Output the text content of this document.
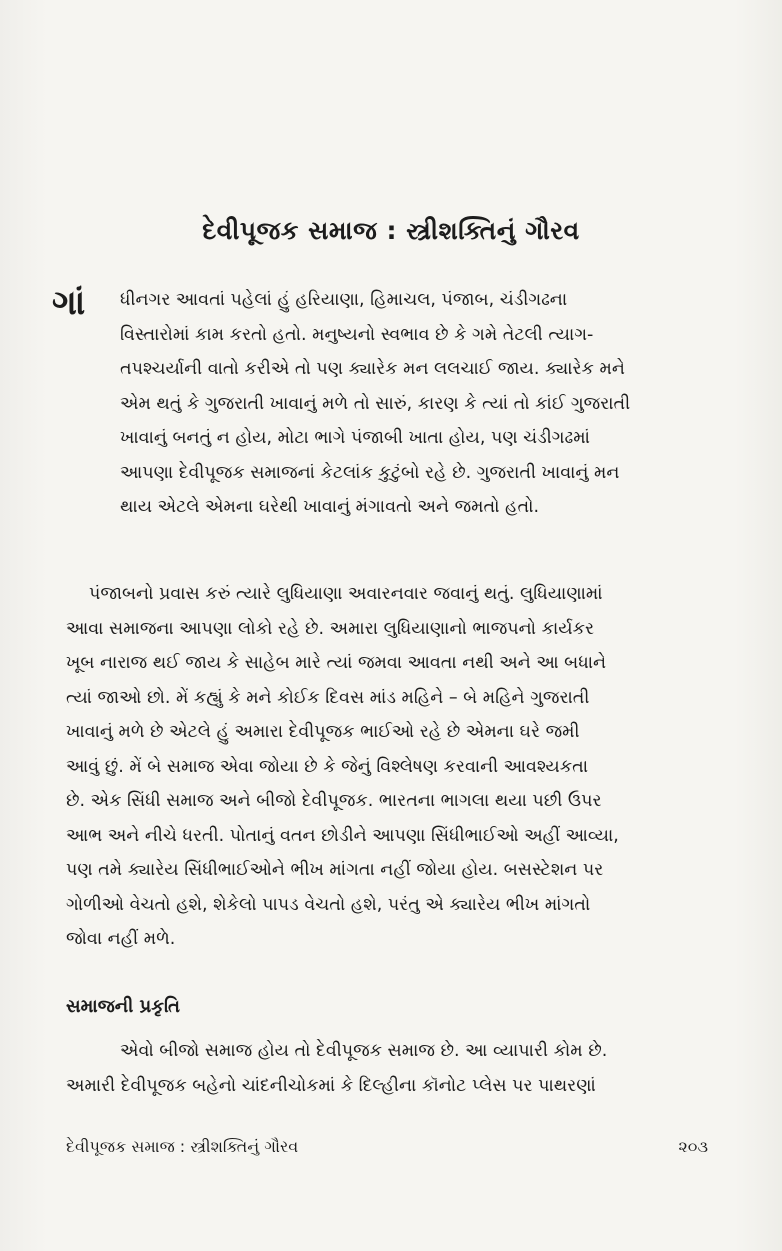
દેવીપૂજક સમાજ : સ્ત્રીશક્તિનું ગૌરવ
ગાં	ધીનગર આવતાં પહેલાં હું હરિયાણા, હિમાચલ, પંજાબ, ચંડીગઢના
વિસ્તારોમાં કામ કરતો હતો. મનુષ્યનો સ્વભાવ છે કે ગમે તેટલી ત્યાગ-
તપશ્ચર્યાની વાતો કરીએ તો પણ ક્યારેક મન લલચાઈ જાય. ક્યારેક મને
એમ થતું કે ગુજરાતી ખાવાનું મળે તો સારું, કારણ કે ત્યાં તો કાંઈ ગુજરાતી
ખાવાનું બનતું ન હોય, મોટા ભાગે પંજાબી ખાતા હોય, પણ ચંડીગઢમાં
આપણા દેવીપૂજક સમાજનાં કેટલાંક કુટુંબો રહે છે. ગુજરાતી ખાવાનું મન
થાય એટલે એમના ઘરેથી ખાવાનું મંગાવતો અને જમતો હતો.
પંજાબનો પ્રવાસ કરું ત્યારે લુધિયાણા અવારનવાર જવાનું થતું. લુધિયાણામાં
આવા સમાજના આપણા લોકો રહે છે. અમારા લુધિયાણાનો ભાજપનો કાર્યકર
ખૂબ નારાજ થઈ જાય કે સાહેબ મારે ત્યાં જમવા આવતા નથી અને આ બધાને
ત્યાં જાઓ છો. મેં કહ્યું કે મને કોઈક દિવસ માંડ મહિને – બે મહિને ગુજરાતી
ખાવાનું મળે છે એટલે હું અમારા દેવીપૂજક ભાઈઓ રહે છે એમના ઘરે જમી
આવું છું. મેં બે સમાજ એવા જોયા છે કે જેનું વિશ્લેષણ કરવાની આવશ્યકતા
છે. એક સિંધી સમાજ અને બીજો દેવીપૂજક. ભારતના ભાગલા થયા પછી ઉપર
આભ અને નીચે ધરતી. પોતાનું વતન છોડીને આપણા સિંધીભાઈઓ અહીં આવ્યા,
પણ તમે ક્યારેય સિંધીભાઈઓને ભીખ માંગતા નહીં જોયા હોય. બસસ્ટેશન પર
ગોળીઓ વેચતો હશે, શેકેલો પાપડ વેચતો હશે, પરંતુ એ ક્યારેય ભીખ માંગતો
જોવા નહીં મળે.
સમાજની પ્રકૃતિ
એવો બીજો સમાજ હોય તો દેવીપૂજક સમાજ છે. આ વ્યાપારી કોમ છે.
અમારી દેવીપૂજક બહેનો ચાંદનીચોકમાં કે દિલ્હીના કૉનોટ પ્લેસ પર પાથરણાં
દેવીપૂજક સમાજ : સ્ત્રીશક્તિનું ગૌરવ	૨૦૩
